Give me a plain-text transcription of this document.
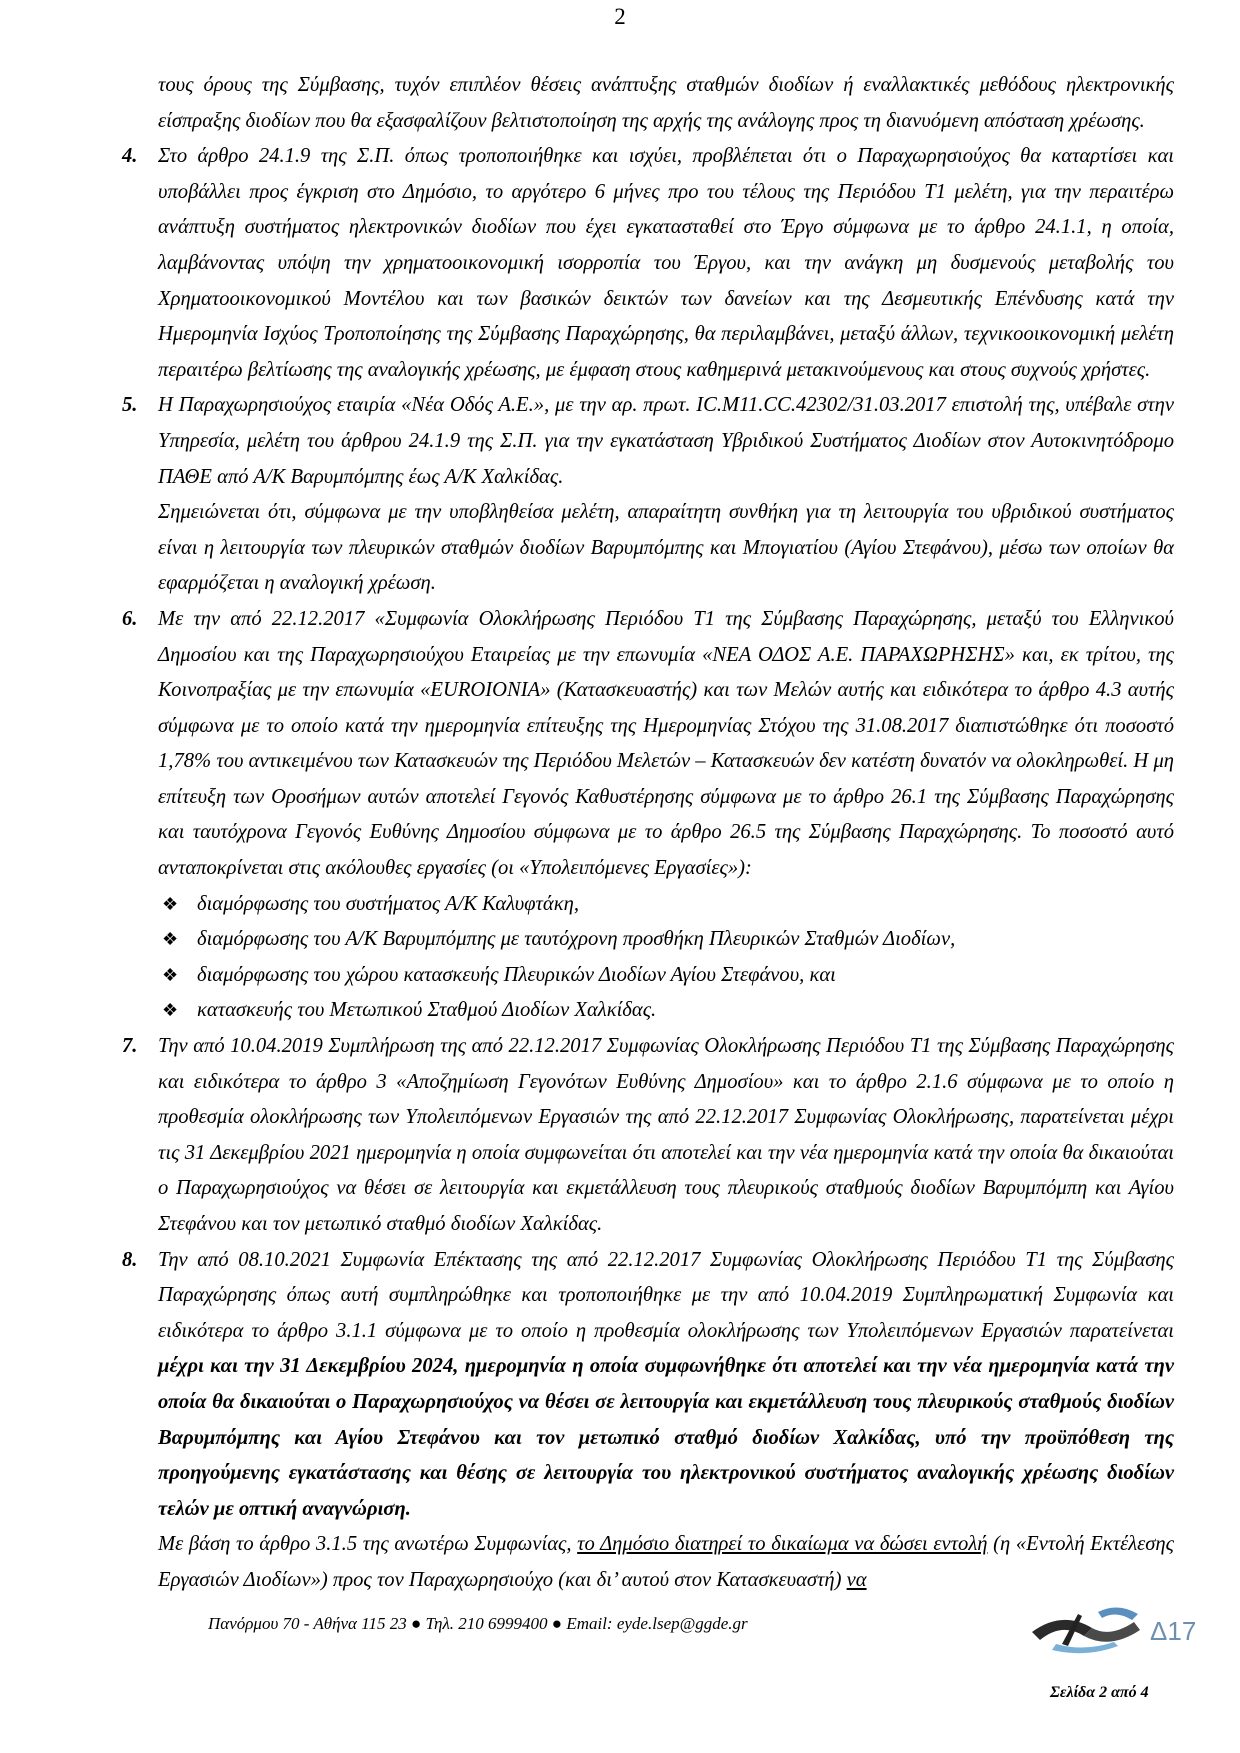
2

τους όρους της Σύμβασης, τυχόν επιπλέον θέσεις ανάπτυξης σταθμών διοδίων ή εναλλακτικές μεθόδους ηλεκτρονικής είσπραξης διοδίων που θα εξασφαλίζουν βελτιστοποίηση της αρχής της ανάλογης προς τη διανυόμενη απόσταση χρέωσης.

4. Στο άρθρο 24.1.9 της Σ.Π. όπως τροποποιήθηκε και ισχύει, προβλέπεται ότι ο Παραχωρησιούχος θα καταρτίσει και υποβάλλει προς έγκριση στο Δημόσιο, το αργότερο 6 μήνες προ του τέλους της Περιόδου Τ1 μελέτη, για την περαιτέρω ανάπτυξη συστήματος ηλεκτρονικών διοδίων που έχει εγκατασταθεί στο Έργο σύμφωνα με το άρθρο 24.1.1, η οποία, λαμβάνοντας υπόψη την χρηματοοικονομική ισορροπία του Έργου, και την ανάγκη μη δυσμενούς μεταβολής του Χρηματοοικονομικού Μοντέλου και των βασικών δεικτών των δανείων και της Δεσμευτικής Επένδυσης κατά την Ημερομηνία Ισχύος Τροποποίησης της Σύμβασης Παραχώρησης, θα περιλαμβάνει, μεταξύ άλλων, τεχνικοοικονομική μελέτη περαιτέρω βελτίωσης της αναλογικής χρέωσης, με έμφαση στους καθημερινά μετακινούμενους και στους συχνούς χρήστες.
5. Η Παραχωρησιούχος εταιρία «Νέα Οδός Α.Ε.», με την αρ. πρωτ. IC.M11.CC.42302/31.03.2017 επιστολή της, υπέβαλε στην Υπηρεσία, μελέτη του άρθρου 24.1.9 της Σ.Π. για την εγκατάσταση Υβριδικού Συστήματος Διοδίων στον Αυτοκινητόδρομο ΠΑΘΕ από Α/Κ Βαρυμπόμπης έως Α/Κ Χαλκίδας.

Σημειώνεται ότι, σύμφωνα με την υποβληθείσα μελέτη, απαραίτητη συνθήκη για τη λειτουργία του υβριδικού συστήματος είναι η λειτουργία των πλευρικών σταθμών διοδίων Βαρυμπόμπης και Μπογιατίου (Αγίου Στεφάνου), μέσω των οποίων θα εφαρμόζεται η αναλογική χρέωση.

6. Με την από 22.12.2017 «Συμφωνία Ολοκλήρωσης Περιόδου Τ1 της Σύμβασης Παραχώρησης, μεταξύ του Ελληνικού Δημοσίου και της Παραχωρησιούχου Εταιρείας με την επωνυμία «ΝΕΑ ΟΔΟΣ Α.Ε. ΠΑΡΑΧΩΡΗΣΗΣ» και, εκ τρίτου, της Κοινοπραξίας με την επωνυμία «EUROIONIA» (Κατασκευαστής) και των Μελών αυτής και ειδικότερα το άρθρο 4.3 αυτής σύμφωνα με το οποίο κατά την ημερομηνία επίτευξης της Ημερομηνίας Στόχου της 31.08.2017 διαπιστώθηκε ότι ποσοστό 1,78% του αντικειμένου των Κατασκευών της Περιόδου Μελετών – Κατασκευών δεν κατέστη δυνατόν να ολοκληρωθεί. Η μη επίτευξη των Οροσήμων αυτών αποτελεί Γεγονός Καθυστέρησης σύμφωνα με το άρθρο 26.1 της Σύμβασης Παραχώρησης και ταυτόχρονα Γεγονός Ευθύνης Δημοσίου σύμφωνα με το άρθρο 26.5 της Σύμβασης Παραχώρησης. Το ποσοστό αυτό ανταποκρίνεται στις ακόλουθες εργασίες (οι «Υπολειπόμενες Εργασίες»):
❖ διαμόρφωσης του συστήματος Α/Κ Καλυφτάκη,
❖ διαμόρφωσης του Α/Κ Βαρυμπόμπης με ταυτόχρονη προσθήκη Πλευρικών Σταθμών Διοδίων,
❖ διαμόρφωσης του χώρου κατασκευής Πλευρικών Διοδίων Αγίου Στεφάνου, και
❖ κατασκευής του Μετωπικού Σταθμού Διοδίων Χαλκίδας.
7. Την από 10.04.2019 Συμπλήρωση της από 22.12.2017 Συμφωνίας Ολοκλήρωσης Περιόδου Τ1 της Σύμβασης Παραχώρησης και ειδικότερα το άρθρο 3 «Αποζημίωση Γεγονότων Ευθύνης Δημοσίου» και το άρθρο 2.1.6 σύμφωνα με το οποίο η προθεσμία ολοκλήρωσης των Υπολειπόμενων Εργασιών της από 22.12.2017 Συμφωνίας Ολοκλήρωσης, παρατείνεται μέχρι τις 31 Δεκεμβρίου 2021 ημερομηνία η οποία συμφωνείται ότι αποτελεί και την νέα ημερομηνία κατά την οποία θα δικαιούται ο Παραχωρησιούχος να θέσει σε λειτουργία και εκμετάλλευση τους πλευρικούς σταθμούς διοδίων Βαρυμπόμπη και Αγίου Στεφάνου και τον μετωπικό σταθμό διοδίων Χαλκίδας.
8. Την από 08.10.2021 Συμφωνία Επέκτασης της από 22.12.2017 Συμφωνίας Ολοκλήρωσης Περιόδου Τ1 της Σύμβασης Παραχώρησης όπως αυτή συμπληρώθηκε και τροποποιήθηκε με την από 10.04.2019 Συμπληρωματική Συμφωνία και ειδικότερα το άρθρο 3.1.1 σύμφωνα με το οποίο η προθεσμία ολοκλήρωσης των Υπολειπόμενων Εργασιών παρατείνεται μέχρι και την 31 Δεκεμβρίου 2024, ημερομηνία η οποία συμφωνήθηκε ότι αποτελεί και την νέα ημερομηνία κατά την οποία θα δικαιούται ο Παραχωρησιούχος να θέσει σε λειτουργία και εκμετάλλευση τους πλευρικούς σταθμούς διοδίων Βαρυμπόμπης και Αγίου Στεφάνου και τον μετωπικό σταθμό διοδίων Χαλκίδας, υπό την προϋπόθεση της προηγούμενης εγκατάστασης και θέσης σε λειτουργία του ηλεκτρονικού συστήματος αναλογικής χρέωσης διοδίων τελών με οπτική αναγνώριση.

Με βάση το άρθρο 3.1.5 της ανωτέρω Συμφωνίας, το Δημόσιο διατηρεί το δικαίωμα να δώσει εντολή (η «Εντολή Εκτέλεσης Εργασιών Διοδίων») προς τον Παραχωρησιούχο (και δι’ αυτού στον Κατασκευαστή) να

Πανόρμου 70 - Αθήνα 115 23 ● Τηλ. 210 6999400 ● Email: eyde.lsep@ggde.gr	Δ17
Σελίδα 2 από 4
